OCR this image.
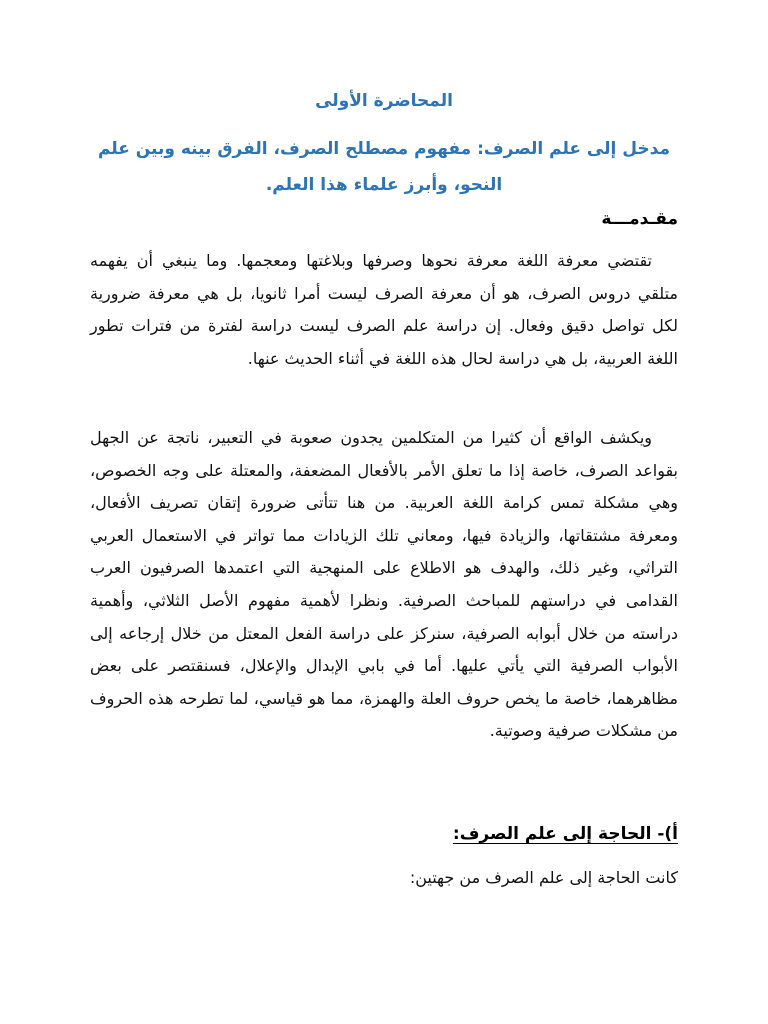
المحاضرة الأولى
مدخل إلى علم الصرف: مفهوم مصطلح الصرف، الفرق بينه وبين علم النحو، وأبرز علماء هذا العلم.
مقـدمـــة

تقتضي معرفة اللغة معرفة نحوها وصرفها وبلاغتها ومعجمها. وما ينبغي أن يفهمه متلقي دروس الصرف، هو أن معرفة الصرف ليست أمرا ثانويا، بل هي معرفة ضرورية لكل تواصل دقيق وفعال. إن دراسة علم الصرف ليست دراسة لفترة من فترات تطور اللغة العربية، بل هي دراسة لحال هذه اللغة في أثناء الحديث عنها.

ويكشف الواقع أن كثيرا من المتكلمين يجدون صعوبة في التعبير، ناتجة عن الجهل بقواعد الصرف، خاصة إذا ما تعلق الأمر بالأفعال المضعفة، والمعتلة على وجه الخصوص، وهي مشكلة تمس كرامة اللغة العربية. من هنا تتأتى ضرورة إتقان تصريف الأفعال، ومعرفة مشتقاتها، والزيادة فيها، ومعاني تلك الزيادات مما تواتر في الاستعمال العربي التراثي، وغير ذلك، والهدف هو الاطلاع على المنهجية التي اعتمدها الصرفيون العرب القدامى في دراستهم للمباحث الصرفية. ونظرا لأهمية مفهوم الأصل الثلاثي، وأهمية دراسته من خلال أبوابه الصرفية، سنركز على دراسة الفعل المعتل من خلال إرجاعه إلى الأبواب الصرفية التي يأتي عليها. أما في بابي الإبدال والإعلال، فسنقتصر على بعض مظاهرهما، خاصة ما يخص حروف العلة والهمزة، مما هو قياسي، لما تطرحه هذه الحروف من مشكلات صرفية وصوتية.

أ)- الحاجة إلى علم الصرف:

كانت الحاجة إلى علم الصرف من جهتين:
